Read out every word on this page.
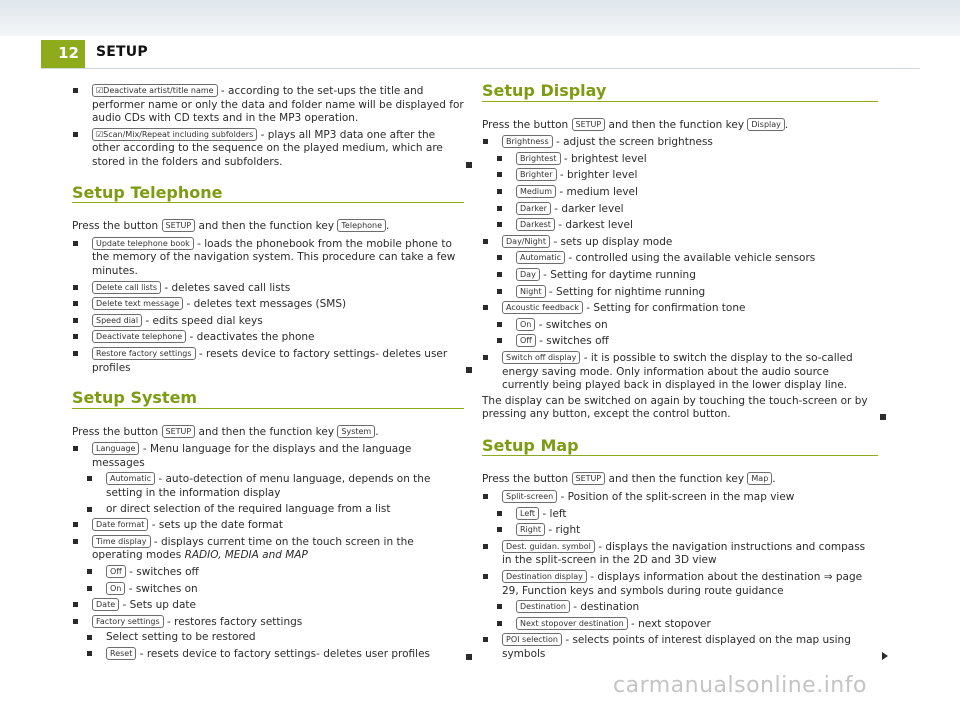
12	SETUP
☑Deactivate artist/title name - according to the set-ups the title and performer name or only the data and folder name will be displayed for audio CDs with CD texts and in the MP3 operation.
☑Scan/Mix/Repeat including subfolders - plays all MP3 data one after the other according to the sequence on the played medium, which are stored in the folders and subfolders.
Setup Telephone

Press the button SETUP and then the function key Telephone .

Update telephone book - loads the phonebook from the mobile phone to the memory of the navigation system. This procedure can take a few minutes.
Delete call lists - deletes saved call lists
Delete text message - deletes text messages (SMS)
Speed dial - edits speed dial keys
Deactivate telephone - deactivates the phone
Restore factory settings - resets device to factory settings- deletes user profiles
Setup System

Press the button SETUP and then the function key System .

Language - Menu language for the displays and the language messages
Automatic - auto-detection of menu language, depends on the setting in the information display
or direct selection of the required language from a list
Date format - sets up the date format
Time display - displays current time on the touch screen in the operating modes RADIO, MEDIA and MAP
Off - switches off
On - switches on
Date - Sets up date
Factory settings - restores factory settings
Select setting to be restored
Reset - resets device to factory settings- deletes user profiles
Setup Display

Press the button SETUP and then the function key Display .

Brightness - adjust the screen brightness
Brightest - brightest level
Brighter - brighter level
Medium - medium level
Darker - darker level
Darkest - darkest level
Day/Night - sets up display mode
Automatic - controlled using the available vehicle sensors
Day - Setting for daytime running
Night - Setting for nightime running
Acoustic feedback - Setting for confirmation tone
On - switches on
Off - switches off
Switch off display - it is possible to switch the display to the so-called energy saving mode. Only information about the audio source currently being played back in displayed in the lower display line.

The display can be switched on again by touching the touch-screen or by pressing any button, except the control button.

Setup Map

Press the button SETUP and then the function key Map .

Split-screen - Position of the split-screen in the map view
Left - left
Right - right
Dest. guidan. symbol - displays the navigation instructions and compass in the split-screen in the 2D and 3D view
Destination display - displays information about the destination ⇒ page 29, Function keys and symbols during route guidance
Destination - destination
Next stopover destination - next stopover
POI selection - selects points of interest displayed on the map using symbols
carmanualsonline.info
